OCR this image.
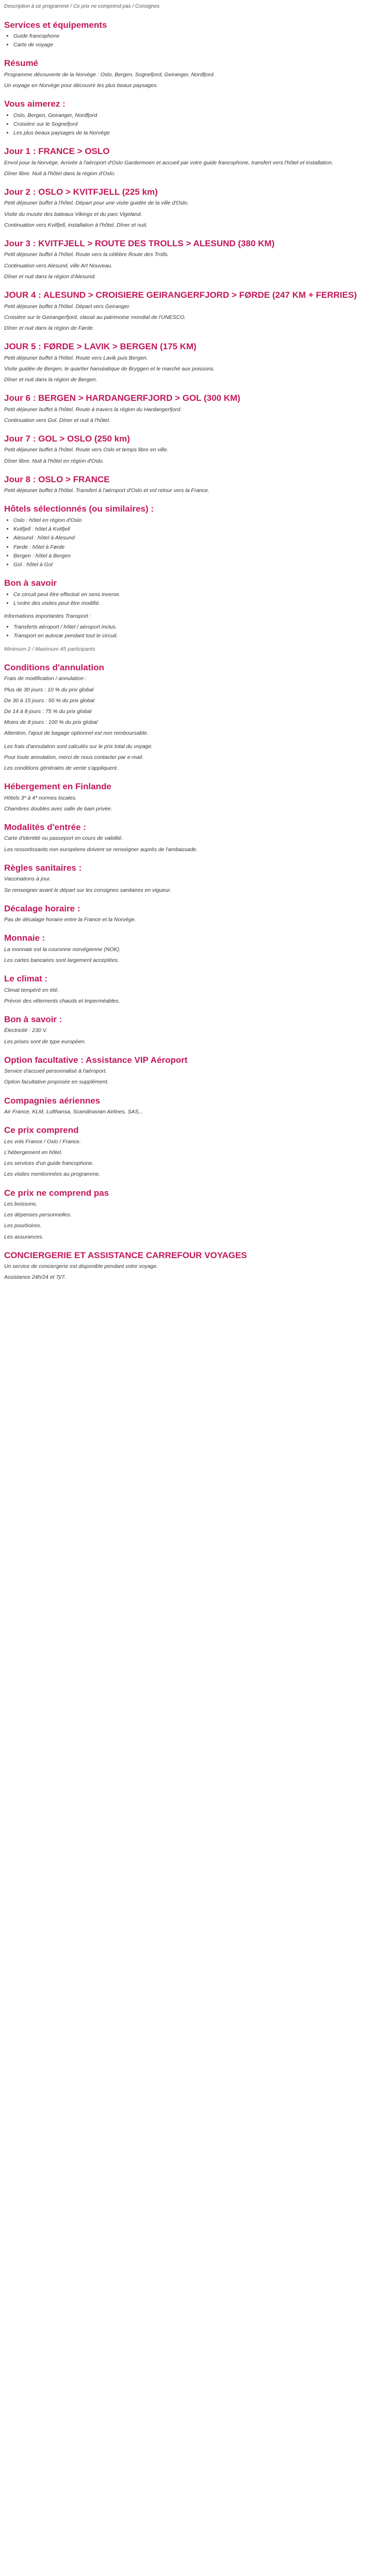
Description à ce programme / Ce prix ne comprend pas / Consignes

Services et équipements
• Guide francophone
• Carte de voyage
Résumé

Programme découverte de la Norvège : Oslo, Bergen, Sognefjord, Geiranger, Nordfjord.

Un voyage en Norvège pour découvrir les plus beaux paysages.

Vous aimerez :
• Oslo, Bergen, Geiranger, Nordfjord
• Croisière sur le Sognefjord
• Les plus beaux paysages de la Norvège
Jour 1 : FRANCE > OSLO

Envol pour la Norvège. Arrivée à l'aéroport d'Oslo Gardermoen et accueil par votre guide francophone, transfert vers l'hôtel et installation.

Dîner libre. Nuit à l'hôtel dans la région d'Oslo.

Jour 2 : OSLO > KVITFJELL (225 km)

Petit déjeuner buffet à l'hôtel. Départ pour une visite guidée de la ville d'Oslo.

Visite du musée des bateaux Vikings et du parc Vigeland.

Continuation vers Kvitfjell, installation à l'hôtel. Dîner et nuit.

Jour 3 : KVITFJELL > ROUTE DES TROLLS > ALESUND (380 KM)

Petit déjeuner buffet à l'hôtel. Route vers la célèbre Route des Trolls.

Continuation vers Alesund, ville Art Nouveau.

Dîner et nuit dans la région d'Alesund.

JOUR 4 : ALESUND > CROISIERE GEIRANGERFJORD > FØRDE (247 KM + FERRIES)

Petit déjeuner buffet à l'hôtel. Départ vers Geiranger.

Croisière sur le Geirangerfjord, classé au patrimoine mondial de l'UNESCO.

Dîner et nuit dans la région de Førde.

JOUR 5 : FØRDE > LAVIK > BERGEN (175 KM)

Petit déjeuner buffet à l'hôtel. Route vers Lavik puis Bergen.

Visite guidée de Bergen, le quartier hanséatique de Bryggen et le marché aux poissons.

Dîner et nuit dans la région de Bergen.

Jour 6 : BERGEN > HARDANGERFJORD > GOL (300 KM)

Petit déjeuner buffet à l'hôtel. Route à travers la région du Hardangerfjord.

Continuation vers Gol. Dîner et nuit à l'hôtel.

Jour 7 : GOL > OSLO (250 km)

Petit déjeuner buffet à l'hôtel. Route vers Oslo et temps libre en ville.

Dîner libre. Nuit à l'hôtel en région d'Oslo.

Jour 8 : OSLO > FRANCE

Petit déjeuner buffet à l'hôtel. Transfert à l'aéroport d'Oslo et vol retour vers la France.

Hôtels sélectionnés (ou similaires) :
• Oslo : hôtel en région d'Oslo
• Kvitfjell : hôtel à Kvitfjell
• Alesund : hôtel à Alesund
• Førde : hôtel à Førde
• Bergen : hôtel à Bergen
• Gol : hôtel à Gol
Bon à savoir
• Ce circuit peut être effectué en sens inverse.
• L'ordre des visites peut être modifié.

Informations importantes Transport :

• Transferts aéroport / hôtel / aéroport inclus.
• Transport en autocar pendant tout le circuit.

Minimum 2 / Maximum 45 participants

Conditions d'annulation

Frais de modification / annulation :

Plus de 30 jours : 10 % du prix global

De 30 à 15 jours : 50 % du prix global

De 14 à 8 jours : 75 % du prix global

Moins de 8 jours : 100 % du prix global

Attention, l'ajout de bagage optionnel est non remboursable.

Les frais d'annulation sont calculés sur le prix total du voyage.

Pour toute annulation, merci de nous contacter par e-mail.

Les conditions générales de vente s'appliquent.

Hébergement en Finlande

Hôtels 3* à 4* normes locales.

Chambres doubles avec salle de bain privée.

Modalités d'entrée :

Carte d'identité ou passeport en cours de validité.

Les ressortissants non européens doivent se renseigner auprès de l'ambassade.

Règles sanitaires :

Vaccinations à jour.

Se renseigner avant le départ sur les consignes sanitaires en vigueur.

Décalage horaire :

Pas de décalage horaire entre la France et la Norvège.

Monnaie :

La monnaie est la couronne norvégienne (NOK).

Les cartes bancaires sont largement acceptées.

Le climat :

Climat tempéré en été.

Prévoir des vêtements chauds et imperméables.

Bon à savoir :

Électricité : 230 V.

Les prises sont de type européen.

Option facultative : Assistance VIP Aéroport

Service d'accueil personnalisé à l'aéroport.

Option facultative proposée en supplément.

Compagnies aériennes

Air France, KLM, Lufthansa, Scandinavian Airlines, SAS...

Ce prix comprend

Les vols France / Oslo / France.

L'hébergement en hôtel.

Les services d'un guide francophone.

Les visites mentionnées au programme.

Ce prix ne comprend pas

Les boissons.

Les dépenses personnelles.

Les pourboires.

Les assurances.

CONCIERGERIE ET ASSISTANCE CARREFOUR VOYAGES

Un service de conciergerie est disponible pendant votre voyage.

Assistance 24h/24 et 7j/7.
